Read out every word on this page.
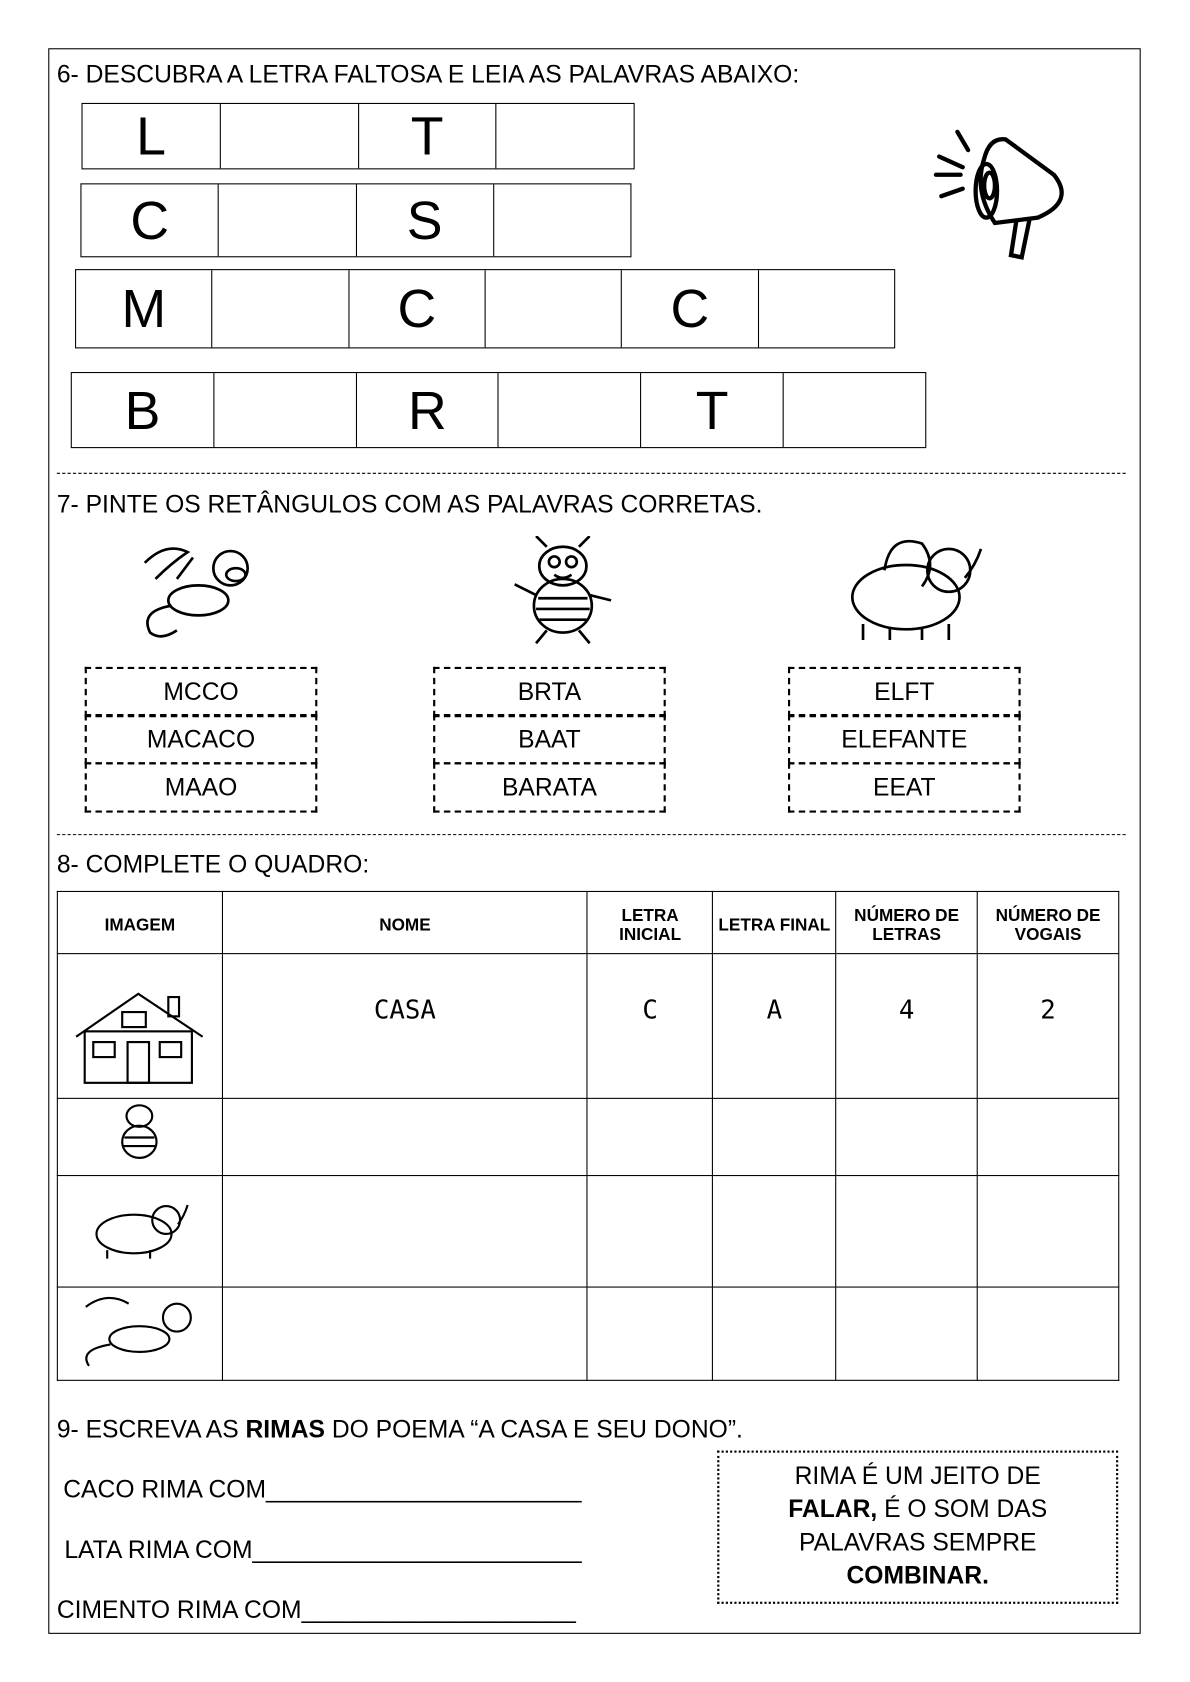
6- DESCUBRA A LETRA FALTOSA E LEIA AS PALAVRAS ABAIXO:
L	T
C	S
M	C	C
B	R	T
7- PINTE OS RETÂNGULOS COM AS PALAVRAS CORRETAS.
MCCO
MACACO
MAAO
BRTA
BAAT
BARATA
ELFT
ELEFANTE
EEAT
8- COMPLETE O QUADRO:
IMAGEM	NOME	LETRA INICIAL	LETRA FINAL	NÚMERO DE LETRAS	NÚMERO DE VOGAIS
	CASA	C	A	4	2

9- ESCREVA AS RIMAS DO POEMA “A CASA E SEU DONO”.
CACO RIMA COM_______________________
LATA RIMA COM________________________
CIMENTO RIMA COM____________________
RIMA É UM JEITO DE
FALAR, É O SOM DAS
PALAVRAS SEMPRE
COMBINAR.
